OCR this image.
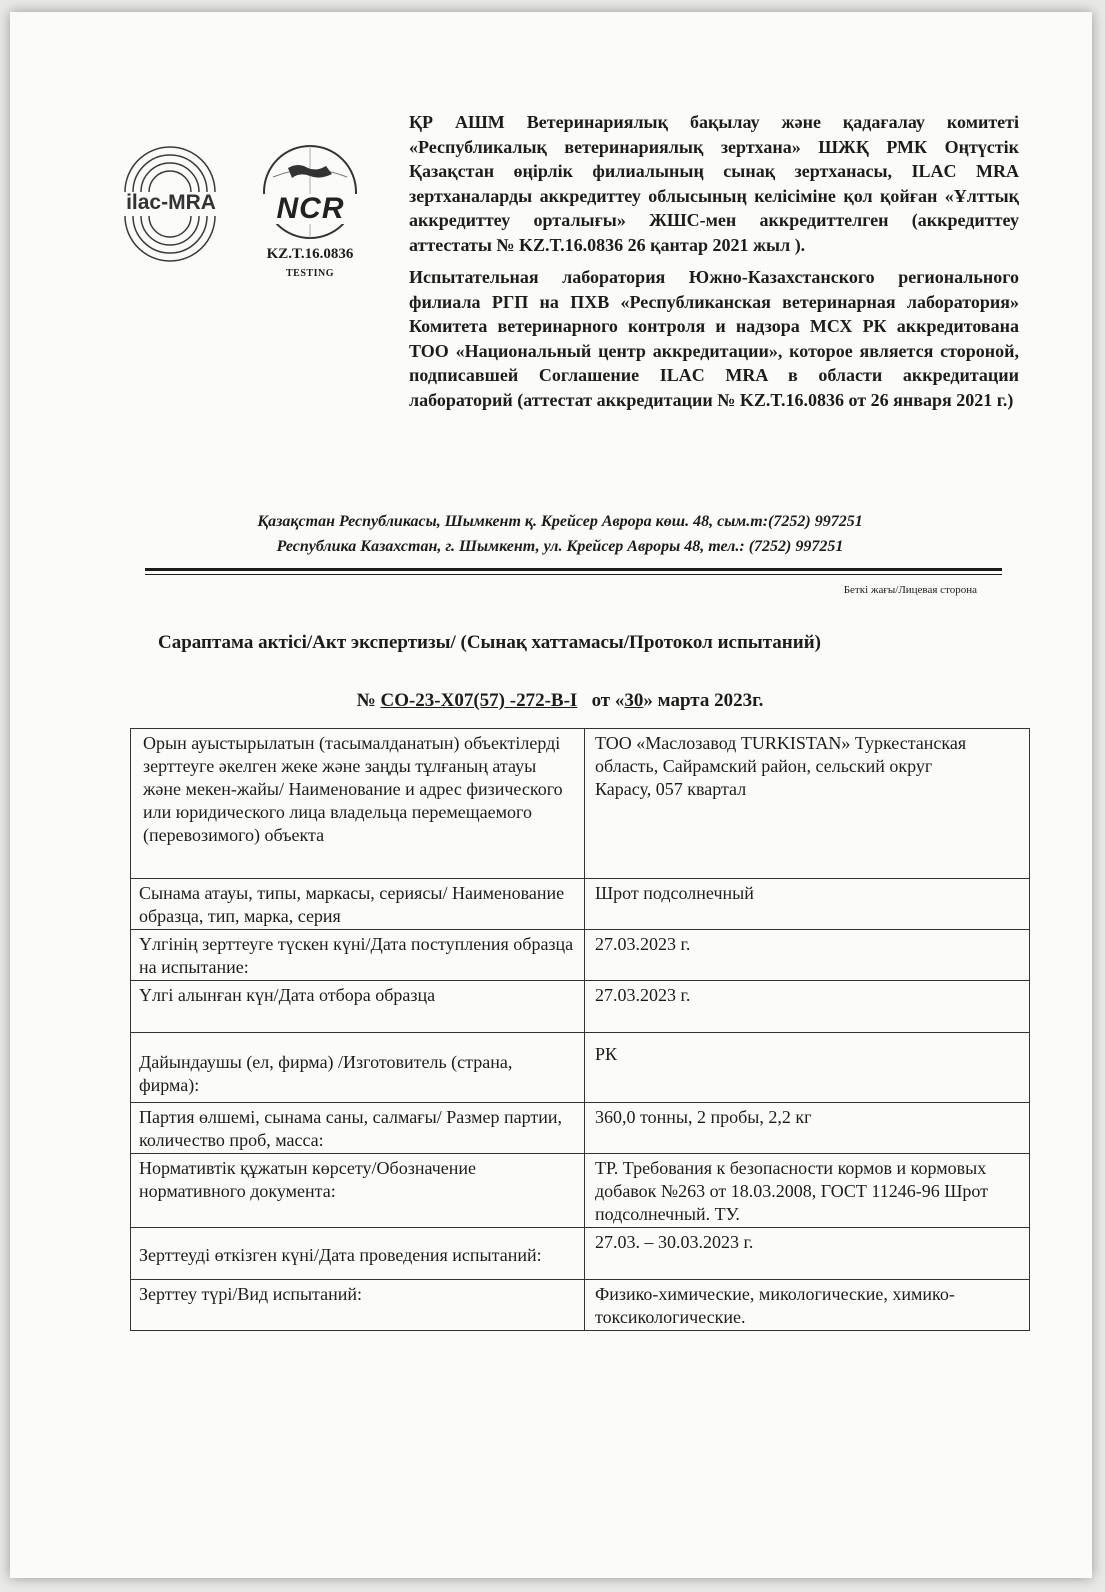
ilac-MRA	NCR
KZ.T.16.0836
TESTING

ҚР АШМ Ветеринариялық бақылау және қадағалау комитеті «Республикалық ветеринариялық зертхана» ШЖҚ РМК Оңтүстік Қазақстан өңірлік филиалының сынақ зертханасы, ILAC MRA зертханаларды аккредиттеу облысының келісіміне қол қойған «Ұлттық аккредиттеу орталығы» ЖШС-мен аккредиттелген (аккредиттеу аттестаты № KZ.T.16.0836 26 қантар 2021 жыл ).

Испытательная лаборатория Южно-Казахстанского регионального филиала РГП на ПХВ «Республиканская ветеринарная лаборатория» Комитета ветеринарного контроля и надзора МСХ РК аккредитована ТОО «Национальный центр аккредитации», которое является стороной, подписавшей Соглашение ILAC MRA в области аккредитации лабораторий (аттестат аккредитации № KZ.T.16.0836 от 26 января 2021 г.)

Қазақстан Республикасы, Шымкент қ. Крейсер Аврора көш. 48, сым.т:(7252) 997251
Республика Казахстан, г. Шымкент, ул. Крейсер Авроры 48, тел.: (7252) 997251
Беткі жағы/Лицевая сторона
Сараптама актісі/Акт экспертизы/ (Сынақ хаттамасы/Протокол испытаний)
№ CO-23-X07(57) -272-В-I от «30» марта 2023г.
Орын ауыстырылатын (тасымалданатын) объектілерді зерттеуге әкелген жеке және заңды тұлғаның атауы және мекен-жайы/ Наименование и адрес физического или юридического лица владельца перемещаемого (перевозимого) объекта	ТОО «Маслозавод TURKISTAN» Туркестанская область, Сайрамский район, сельский округ Карасу, 057 квартал
Сынама атауы, типы, маркасы, сериясы/ Наименование образца, тип, марка, серия	Шрот подсолнечный
Үлгінің зерттеуге түскен күні/Дата поступления образца на испытание:	27.03.2023 г.
Үлгі алынған күн/Дата отбора образца	27.03.2023 г.
Дайындаушы (ел, фирма) /Изготовитель (страна, фирма):	РК
Партия өлшемі, сынама саны, салмағы/ Размер партии, количество проб, масса:	360,0 тонны, 2 пробы, 2,2 кг
Нормативтік құжатын көрсету/Обозначение нормативного документа:	ТР. Требования к безопасности кормов и кормовых добавок №263 от 18.03.2008, ГОСТ 11246-96 Шрот подсолнечный. ТУ.
Зерттеуді өткізген күні/Дата проведения испытаний:	27.03. – 30.03.2023 г.
Зерттеу түрі/Вид испытаний:	Физико-химические, микологические, химико-токсикологические.
